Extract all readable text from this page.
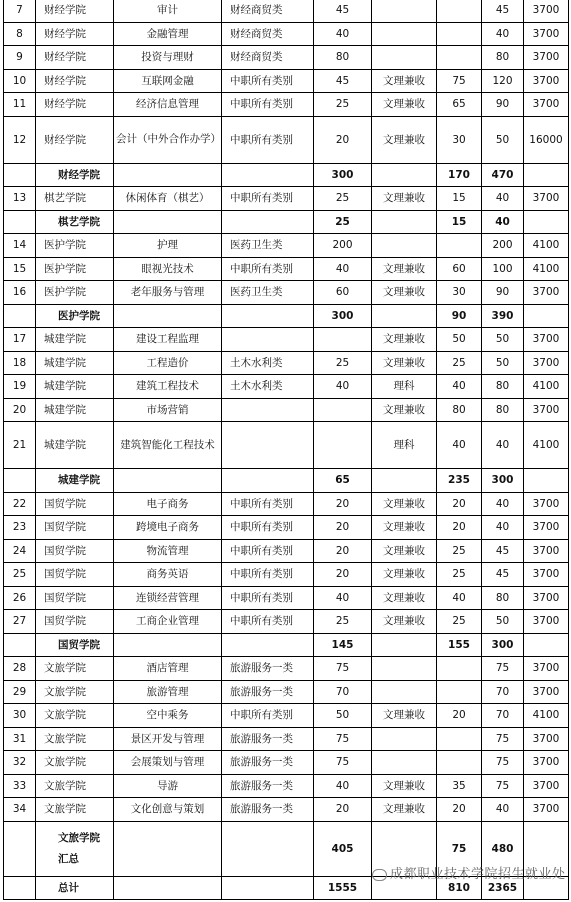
7	财经学院	审计	财经商贸类	45			45	3700
8	财经学院	金融管理	财经商贸类	40			40	3700
9	财经学院	投资与理财	财经商贸类	80			80	3700
10	财经学院	互联网金融	中职所有类别	45	文理兼收	75	120	3700
11	财经学院	经济信息管理	中职所有类别	25	文理兼收	65	90	3700
12	财经学院	会计（中外合作办学）	中职所有类别	20	文理兼收	30	50	16000
	财经学院			300		170	470	
13	棋艺学院	休闲体育（棋艺）	中职所有类别	25	文理兼收	15	40	3700
	棋艺学院			25		15	40	
14	医护学院	护理	医药卫生类	200			200	4100
15	医护学院	眼视光技术	中职所有类别	40	文理兼收	60	100	4100
16	医护学院	老年服务与管理	医药卫生类	60	文理兼收	30	90	3700
	医护学院			300		90	390	
17	城建学院	建设工程监理			文理兼收	50	50	3700
18	城建学院	工程造价	土木水利类	25	文理兼收	25	50	3700
19	城建学院	建筑工程技术	土木水利类	40	理科	40	80	4100
20	城建学院	市场营销			文理兼收	80	80	3700
21	城建学院	建筑智能化工程技术			理科	40	40	4100
	城建学院			65		235	300	
22	国贸学院	电子商务	中职所有类别	20	文理兼收	20	40	3700
23	国贸学院	跨境电子商务	中职所有类别	20	文理兼收	20	40	3700
24	国贸学院	物流管理	中职所有类别	20	文理兼收	25	45	3700
25	国贸学院	商务英语	中职所有类别	20	文理兼收	25	45	3700
26	国贸学院	连锁经营管理	中职所有类别	40	文理兼收	40	80	3700
27	国贸学院	工商企业管理	中职所有类别	25	文理兼收	25	50	3700
	国贸学院			145		155	300	
28	文旅学院	酒店管理	旅游服务一类	75			75	3700
29	文旅学院	旅游管理	旅游服务一类	70			70	3700
30	文旅学院	空中乘务	中职所有类别	50	文理兼收	20	70	4100
31	文旅学院	景区开发与管理	旅游服务一类	75			75	3700
32	文旅学院	会展策划与管理	旅游服务一类	75			75	3700
33	文旅学院	导游	旅游服务一类	40	文理兼收	35	75	3700
34	文旅学院	文化创意与策划	旅游服务一类	20	文理兼收	20	40	3700
	文旅学院 汇总			405		75	480	
	总计			1555		810	2365	
成都职业技术学院招生就业处
